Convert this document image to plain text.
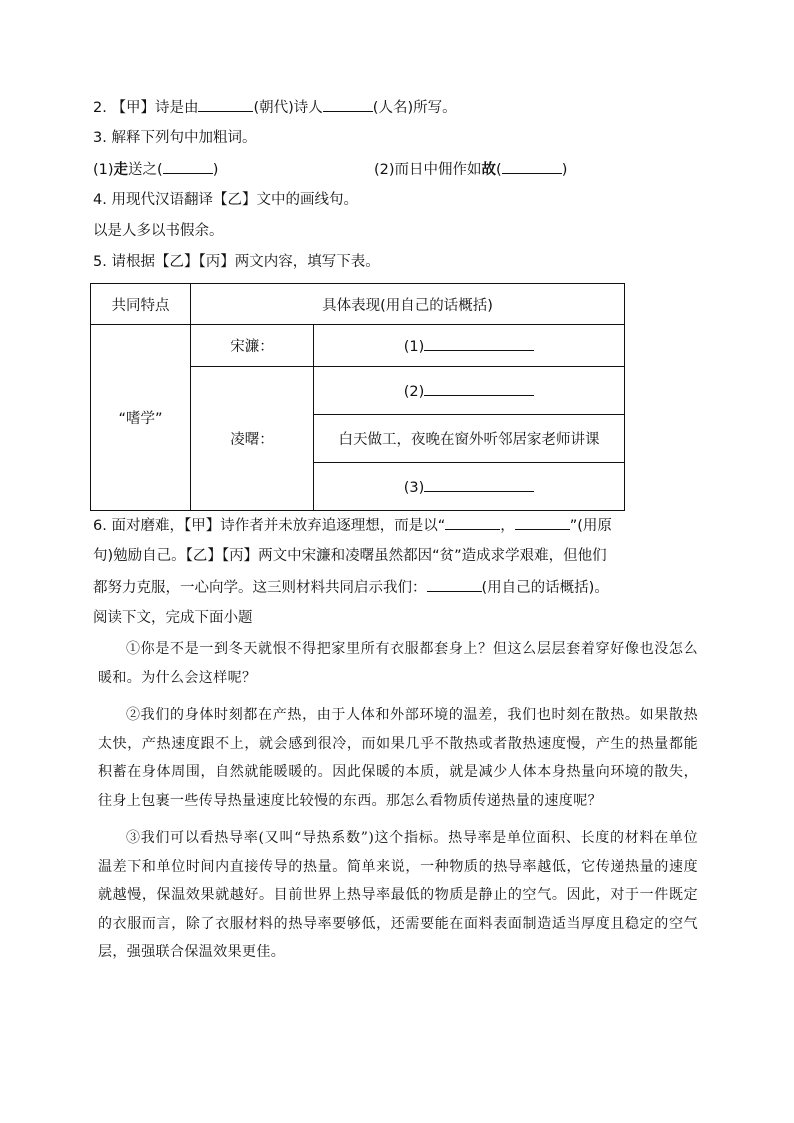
2. 【甲】诗是由	(朝代)诗人	(人名)所写。
3. 解释下列句中加粗词。
(1)走送之(	)	(2)而日中佣作如故(	)
4. 用现代汉语翻译【乙】文中的画线句。
以是人多以书假余。
5. 请根据【乙】【丙】两文内容，填写下表。
共同特点	具体表现(用自己的话概括)	
“嗜学”	宋濂：	(1)
	凌曙：	(2)
		白天做工，夜晚在窗外听邻居家老师讲课
		(3)
6. 面对磨难，【甲】诗作者并未放弃追逐理想，而是以“	，	”(用原
句)勉励自己。【乙】【丙】两文中宋濂和凌曙虽然都因“贫”造成求学艰难，但他们
都努力克服，一心向学。这三则材料共同启示我们：	(用自己的话概括)。
阅读下文，完成下面小题

①你是不是一到冬天就恨不得把家里所有衣服都套身上？但这么层层套着穿好像也没怎么暖和。为什么会这样呢？

②我们的身体时刻都在产热，由于人体和外部环境的温差，我们也时刻在散热。如果散热太快，产热速度跟不上，就会感到很冷，而如果几乎不散热或者散热速度慢，产生的热量都能积蓄在身体周围，自然就能暖暖的。因此保暖的本质，就是减少人体本身热量向环境的散失，往身上包裹一些传导热量速度比较慢的东西。那怎么看物质传递热量的速度呢？

③我们可以看热导率(又叫“导热系数”)这个指标。热导率是单位面积、长度的材料在单位温差下和单位时间内直接传导的热量。简单来说，一种物质的热导率越低，它传递热量的速度就越慢，保温效果就越好。目前世界上热导率最低的物质是静止的空气。因此，对于一件既定的衣服而言，除了衣服材料的热导率要够低，还需要能在面料表面制造适当厚度且稳定的空气层，强强联合保温效果更佳。
